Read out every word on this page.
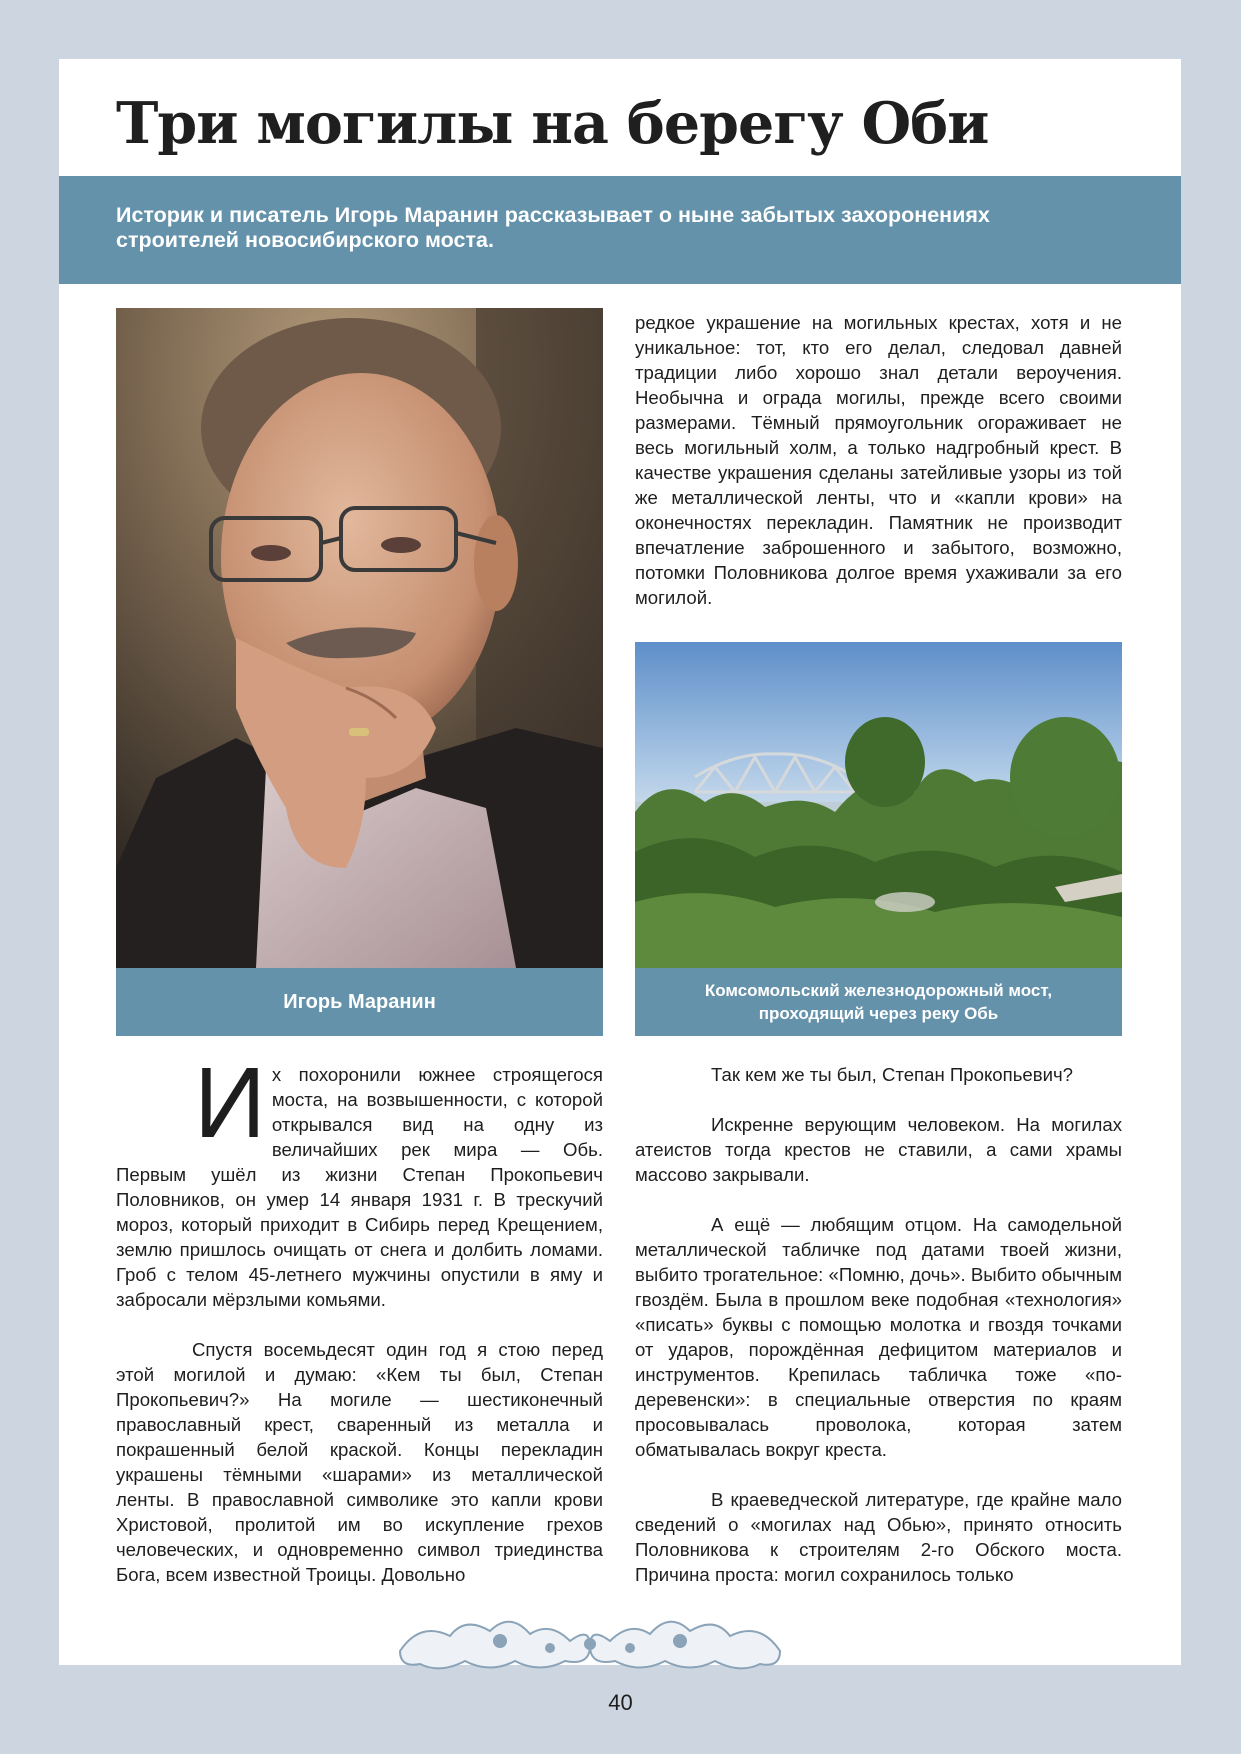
Три могилы на берегу Оби

Историк и писатель Игорь Маранин рассказывает о ныне забытых захоронениях строителей новосибирского моста.

Игорь Маранин

редкое украшение на могильных крестах, хотя и не уникальное: тот, кто его делал, следовал давней традиции либо хорошо знал детали вероучения. Необычна и ограда могилы, прежде всего своими размерами. Тёмный прямоугольник огораживает не весь могильный холм, а только надгробный крест. В качестве украшения сделаны затейливые узоры из той же металлической ленты, что и «капли крови» на оконечностях перекладин. Памятник не производит впечатление заброшенного и забытого, возможно, потомки Половникова долгое время ухаживали за его могилой.

Комсомольский железнодорожный мост, проходящий через реку Обь

Их похоронили южнее строящегося моста, на возвышенности, с которой открывался вид на одну из величайших рек мира — Обь. Первым ушёл из жизни Степан Прокопьевич Половников, он умер 14 января 1931 г. В трескучий мороз, который приходит в Сибирь перед Крещением, землю пришлось очищать от снега и долбить ломами. Гроб с телом 45-летнего мужчины опустили в яму и забросали мёрзлыми комьями.

Спустя восемьдесят один год я стою перед этой могилой и думаю: «Кем ты был, Степан Прокопьевич?» На могиле — шестиконечный православный крест, сваренный из металла и покрашенный белой краской. Концы перекладин украшены тёмными «шарами» из металлической ленты. В православной символике это капли крови Христовой, пролитой им во искупление грехов человеческих, и одновременно символ триединства Бога, всем известной Троицы. Довольно

Так кем же ты был, Степан Прокопьевич?

Искренне верующим человеком. На могилах атеистов тогда крестов не ставили, а сами храмы массово закрывали.

А ещё — любящим отцом. На самодельной металлической табличке под датами твоей жизни, выбито трогательное: «Помню, дочь». Выбито обычным гвоздём. Была в прошлом веке подобная «технология» «писать» буквы с помощью молотка и гвоздя точками от ударов, порождённая дефицитом материалов и инструментов. Крепилась табличка тоже «по-деревенски»: в специальные отверстия по краям просовывалась проволока, которая затем обматывалась вокруг креста.

В краеведческой литературе, где крайне мало сведений о «могилах над Обью», принято относить Половникова к строителям 2-го Обского моста. Причина проста: могил сохранилось только

40
